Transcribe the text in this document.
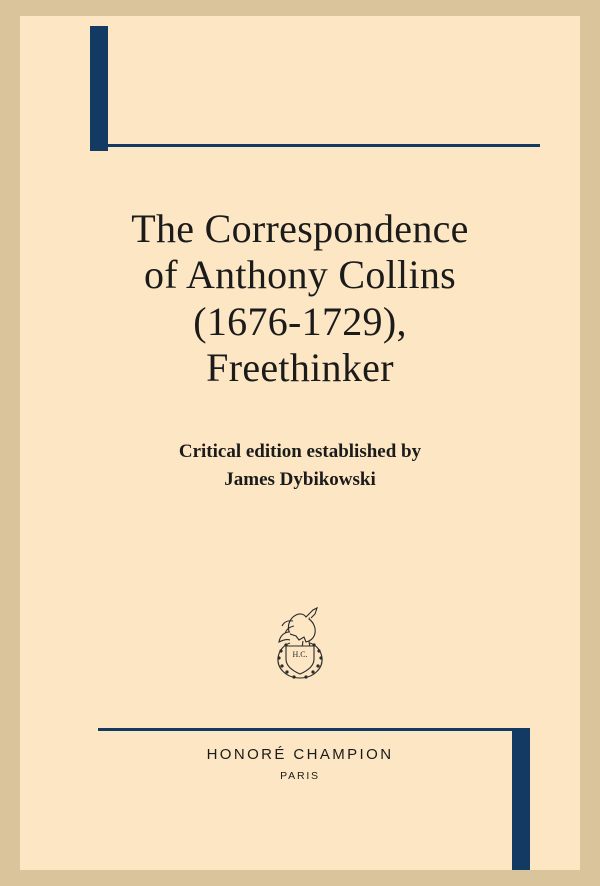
The Correspondence
of Anthony Collins
(1676-1729),
Freethinker
Critical edition established by
James Dybikowski
H.C.
HONORÉ CHAMPION
PARIS
